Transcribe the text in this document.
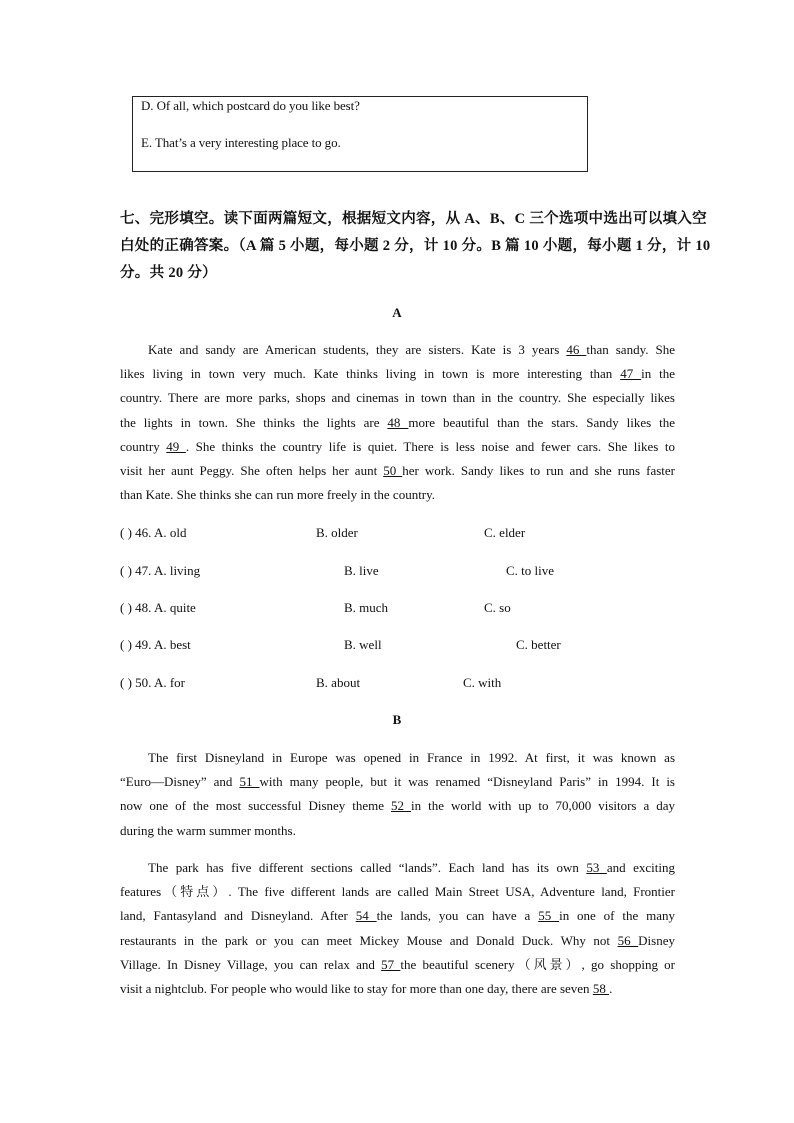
D. Of all, which postcard do you like best?
E. That’s a very interesting place to go.
七、完形填空。读下面两篇短文，根据短文内容，从 A、B、C 三个选项中选出可以填入空
白处的正确答案。（A 篇 5 小题，每小题 2 分，计 10 分。B 篇 10 小题，每小题 1 分，计 10
分。共 20 分）
A
Kate and sandy are American students, they are sisters. Kate is 3 years 46 than sandy. She
likes living in town very much. Kate thinks living in town is more interesting than 47 in the
country. There are more parks, shops and cinemas in town than in the country. She especially likes
the lights in town. She thinks the lights are 48 more beautiful than the stars. Sandy likes the
country 49 . She thinks the country life is quiet. There is less noise and fewer cars. She likes to
visit her aunt Peggy. She often helps her aunt 50 her work. Sandy likes to run and she runs faster
than Kate. She thinks she can run more freely in the country.
( ) 46. A. old	B. older	C. elder
( ) 47. A. living	B. live	C. to live
( ) 48. A. quite	B. much	C. so
( ) 49. A. best	B. well	C. better
( ) 50. A. for	B. about	C. with
B
The first Disneyland in Europe was opened in France in 1992. At first, it was known as
“Euro—Disney” and 51 with many people, but it was renamed “Disneyland Paris” in 1994. It is
now one of the most successful Disney theme 52 in the world with up to 70,000 visitors a day
during the warm summer months.
The park has five different sections called “lands”. Each land has its own 53 and exciting
features（特点）. The five different lands are called Main Street USA, Adventure land, Frontier
land, Fantasyland and Disneyland. After 54 the lands, you can have a 55 in one of the many
restaurants in the park or you can meet Mickey Mouse and Donald Duck. Why not 56 Disney
Village. In Disney Village, you can relax and 57 the beautiful scenery（风景）, go shopping or
visit a nightclub. For people who would like to stay for more than one day, there are seven 58 .
